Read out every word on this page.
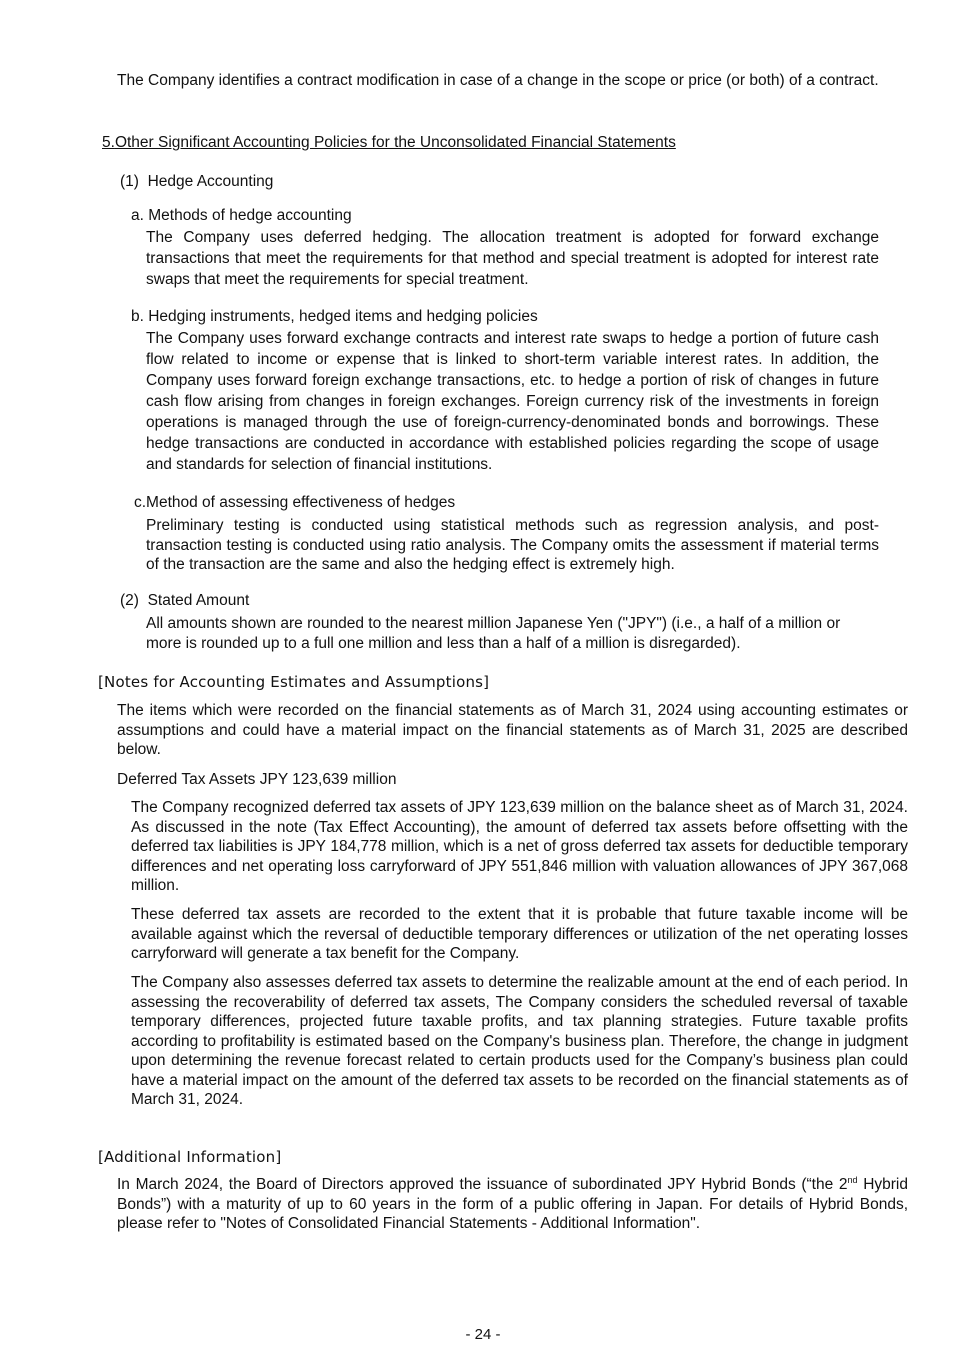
The Company identifies a contract modification in case of a change in the scope or price (or both) of a contract.

5.Other Significant Accounting Policies for the Unconsolidated Financial Statements
(1) Hedge Accounting
a. Methods of hedge accounting

The Company uses deferred hedging. The allocation treatment is adopted for forward exchange transactions that meet the requirements for that method and special treatment is adopted for interest rate swaps that meet the requirements for special treatment.

b. Hedging instruments, hedged items and hedging policies

The Company uses forward exchange contracts and interest rate swaps to hedge a portion of future cash flow related to income or expense that is linked to short-term variable interest rates. In addition, the Company uses forward foreign exchange transactions, etc. to hedge a portion of risk of changes in future cash flow arising from changes in foreign exchanges. Foreign currency risk of the investments in foreign operations is managed through the use of foreign-currency-denominated bonds and borrowings. These hedge transactions are conducted in accordance with established policies regarding the scope of usage and standards for selection of financial institutions.

c.Method of assessing effectiveness of hedges

Preliminary testing is conducted using statistical methods such as regression analysis, and post-transaction testing is conducted using ratio analysis. The Company omits the assessment if material terms of the transaction are the same and also the hedging effect is extremely high.

(2) Stated Amount

All amounts shown are rounded to the nearest million Japanese Yen ("JPY") (i.e., a half of a million or more is rounded up to a full one million and less than a half of a million is disregarded).

[Notes for Accounting Estimates and Assumptions]

The items which were recorded on the financial statements as of March 31, 2024 using accounting estimates or assumptions and could have a material impact on the financial statements as of March 31, 2025 are described below.

Deferred Tax Assets JPY 123,639 million

The Company recognized deferred tax assets of JPY 123,639 million on the balance sheet as of March 31, 2024. As discussed in the note (Tax Effect Accounting), the amount of deferred tax assets before offsetting with the deferred tax liabilities is JPY 184,778 million, which is a net of gross deferred tax assets for deductible temporary differences and net operating loss carryforward of JPY 551,846 million with valuation allowances of JPY 367,068 million.

These deferred tax assets are recorded to the extent that it is probable that future taxable income will be available against which the reversal of deductible temporary differences or utilization of the net operating losses carryforward will generate a tax benefit for the Company.

The Company also assesses deferred tax assets to determine the realizable amount at the end of each period. In assessing the recoverability of deferred tax assets, The Company considers the scheduled reversal of taxable temporary differences, projected future taxable profits, and tax planning strategies. Future taxable profits according to profitability is estimated based on the Company's business plan. Therefore, the change in judgment upon determining the revenue forecast related to certain products used for the Company’s business plan could have a material impact on the amount of the deferred tax assets to be recorded on the financial statements as of March 31, 2024.

[Additional Information]

In March 2024, the Board of Directors approved the issuance of subordinated JPY Hybrid Bonds (“the 2nd Hybrid Bonds”) with a maturity of up to 60 years in the form of a public offering in Japan. For details of Hybrid Bonds, please refer to "Notes of Consolidated Financial Statements - Additional Information".

- 24 -
